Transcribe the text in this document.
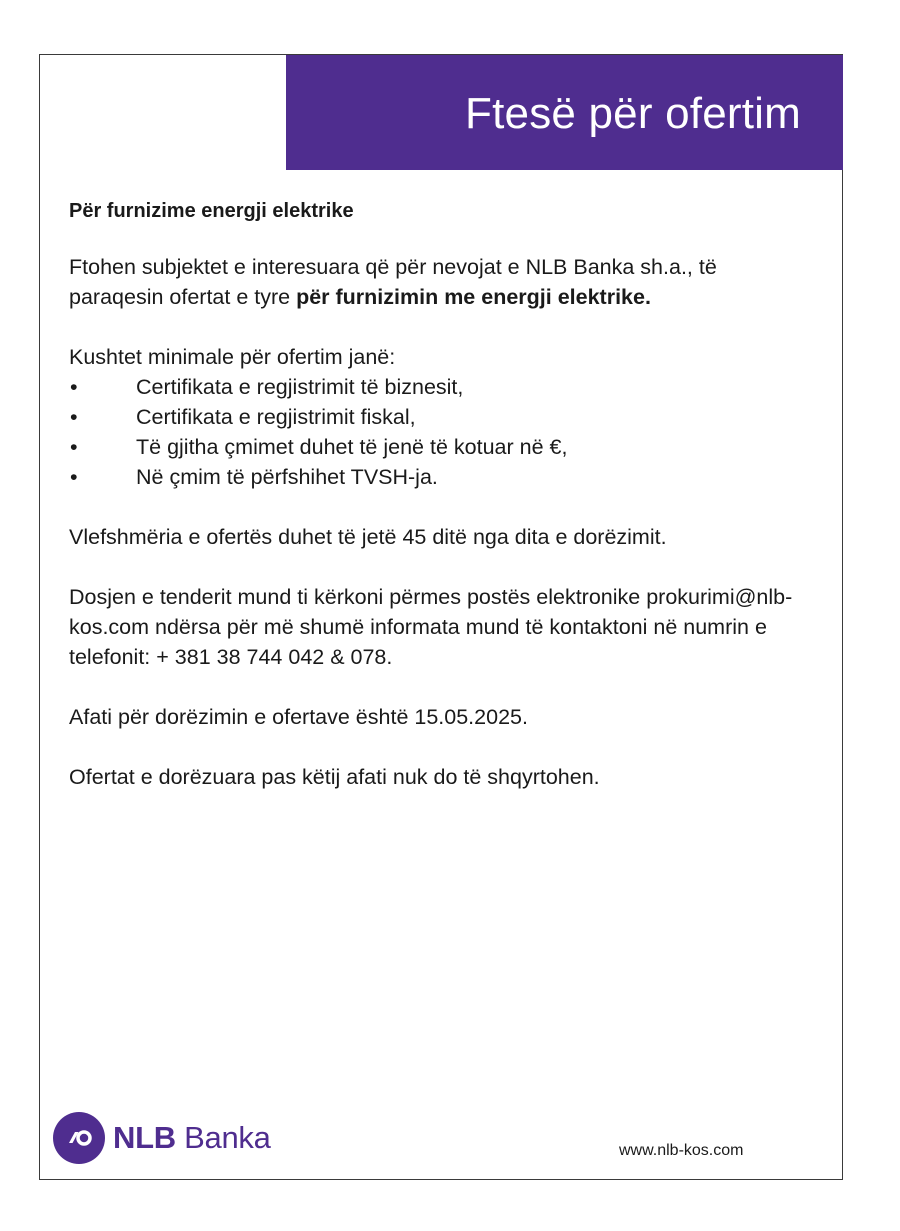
Ftesë për ofertim

Për furnizime energji elektrike

Ftohen subjektet e interesuara që për nevojat e NLB Banka sh.a., të paraqesin ofertat e tyre për furnizimin me energji elektrike.

Kushtet minimale për ofertim janë:

• Certifikata e regjistrimit të biznesit,
• Certifikata e regjistrimit fiskal,
• Të gjitha çmimet duhet të jenë të kotuar në €,
• Në çmim të përfshihet TVSH-ja.

Vlefshmëria e ofertës duhet të jetë 45 ditë nga dita e dorëzimit.

Dosjen e tenderit mund ti kërkoni përmes postës elektronike prokurimi@nlb-kos.com ndërsa për më shumë informata mund të kontaktoni në numrin e telefonit: + 381 38 744 042 & 078.

Afati për dorëzimin e ofertave është 15.05.2025.

Ofertat e dorëzuara pas këtij afati nuk do të shqyrtohen.

NLB Banka	www.nlb-kos.com
